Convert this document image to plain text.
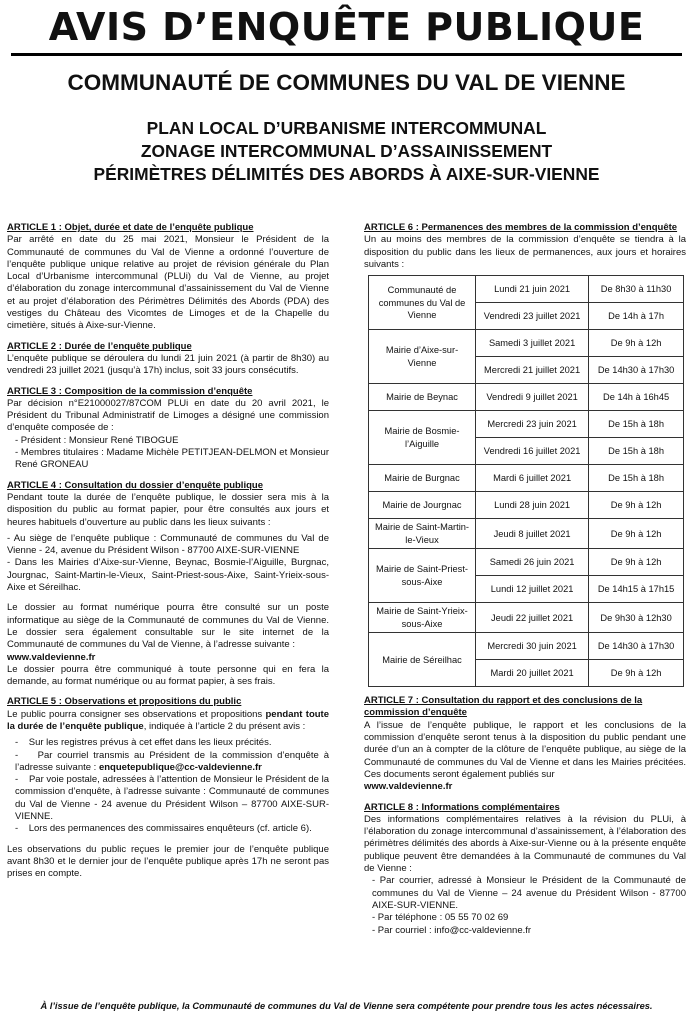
AVIS D’ENQUÊTE PUBLIQUE
COMMUNAUTÉ DE COMMUNES DU VAL DE VIENNE
PLAN LOCAL D’URBANISME INTERCOMMUNAL
ZONAGE INTERCOMMUNAL D’ASSAINISSEMENT
PÉRIMÈTRES DÉLIMITÉS DES ABORDS À AIXE-SUR-VIENNE

ARTICLE 1 : Objet, durée et date de l’enquête publique

Par arrêté en date du 25 mai 2021, Monsieur le Président de la Communauté de communes du Val de Vienne a ordonné l’ouverture de l’enquête publique unique relative au projet de révision générale du Plan Local d’Urbanisme intercommunal (PLUi) du Val de Vienne, au projet d’élaboration du zonage intercommunal d’assainissement du Val de Vienne et au projet d’élaboration des Périmètres Délimités des Abords (PDA) des vestiges du Château des Vicomtes de Limoges et de la Chapelle du cimetière, situés à Aixe-sur-Vienne.

ARTICLE 2 : Durée de l’enquête publique

L’enquête publique se déroulera du lundi 21 juin 2021 (à partir de 8h30) au vendredi 23 juillet 2021 (jusqu’à 17h) inclus, soit 33 jours consécutifs.

ARTICLE 3 : Composition de la commission d’enquête

Par décision n°E21000027/87COM PLUi en date du 20 avril 2021, le Président du Tribunal Administratif de Limoges a désigné une commission d’enquête composée de :

- Président : Monsieur René TIBOGUE
- Membres titulaires : Madame Michèle PETITJEAN-DELMON et Monsieur René GRONEAU

ARTICLE 4 : Consultation du dossier d’enquête publique

Pendant toute la durée de l’enquête publique, le dossier sera mis à la disposition du public au format papier, pour être consultés aux jours et heures habituels d’ouverture au public dans les lieux suivants :

- Au siège de l’enquête publique : Communauté de communes du Val de Vienne - 24, avenue du Président Wilson - 87700 AIXE-SUR-VIENNE

- Dans les Mairies d’Aixe-sur-Vienne, Beynac, Bosmie-l’Aiguille, Burgnac, Jourgnac, Saint-Martin-le-Vieux, Saint-Priest-sous-Aixe, Saint-Yrieix-sous-Aixe et Séreilhac.

Le dossier au format numérique pourra être consulté sur un poste informatique au siège de la Communauté de communes du Val de Vienne. Le dossier sera également consultable sur le site internet de la Communauté de communes du Val de Vienne, à l’adresse suivante :

www.valdevienne.fr

Le dossier pourra être communiqué à toute personne qui en fera la demande, au format numérique ou au format papier, à ses frais.

ARTICLE 5 : Observations et propositions du public

Le public pourra consigner ses observations et propositions pendant toute la durée de l’enquête publique, indiquée à l’article 2 du présent avis :

-    Sur les registres prévus à cet effet dans les lieux précités.
-    Par courriel transmis au Président de la commission d’enquête à l’adresse suivante : enquetepublique@cc-valdevienne.fr
-    Par voie postale, adressées à l’attention de Monsieur le Président de la commission d’enquête, à l’adresse suivante : Communauté de communes du Val de Vienne - 24 avenue du Président Wilson – 87700 AIXE-SUR-VIENNE.
-    Lors des permanences des commissaires enquêteurs (cf. article 6).

Les observations du public reçues le premier jour de l’enquête publique avant 8h30 et le dernier jour de l’enquête publique après 17h ne seront pas prises en compte.

ARTICLE 6 : Permanences des membres de la commission d’enquête

Un au moins des membres de la commission d’enquête se tiendra à la disposition du public dans les lieux de permanences, aux jours et horaires suivants :

Communauté de communes du Val de Vienne	Lundi 21 juin 2021	De 8h30 à 11h30
	Vendredi 23 juillet 2021	De 14h à 17h
Mairie d’Aixe-sur-Vienne	Samedi 3 juillet 2021	De 9h à 12h
	Mercredi 21 juillet 2021	De 14h30 à 17h30
Mairie de Beynac	Vendredi 9 juillet 2021	De 14h à 16h45
Mairie de Bosmie-l’Aiguille	Mercredi 23 juin 2021	De 15h à 18h
	Vendredi 16 juillet 2021	De 15h à 18h
Mairie de Burgnac	Mardi 6 juillet 2021	De 15h à 18h
Mairie de Jourgnac	Lundi 28 juin 2021	De 9h à 12h
Mairie de Saint-Martin-le-Vieux	Jeudi 8 juillet 2021	De 9h à 12h
Mairie de Saint-Priest-sous-Aixe	Samedi 26 juin 2021	De 9h à 12h
	Lundi 12 juillet 2021	De 14h15 à 17h15
Mairie de Saint-Yrieix-sous-Aixe	Jeudi 22 juillet 2021	De 9h30 à 12h30
Mairie de Séreilhac	Mercredi 30 juin 2021	De 14h30 à 17h30
	Mardi 20 juillet 2021	De 9h à 12h

ARTICLE 7 : Consultation du rapport et des conclusions de la commission d’enquête

A l’issue de l’enquête publique, le rapport et les conclusions de la commission d’enquête seront tenus à la disposition du public pendant une durée d’un an à compter de la clôture de l’enquête publique, au siège de la Communauté de communes du Val de Vienne et dans les Mairies précitées. Ces documents seront également publiés sur

www.valdevienne.fr

ARTICLE 8 : Informations complémentaires

Des informations complémentaires relatives à la révision du PLUi, à l’élaboration du zonage intercommunal d’assainissement, à l’élaboration des périmètres délimités des abords à Aixe-sur-Vienne ou à la présente enquête publique peuvent être demandées à la Communauté de communes du Val de Vienne :

- Par courrier, adressé à Monsieur le Président de la Communauté de communes du Val de Vienne – 24 avenue du Président Wilson - 87700 AIXE-SUR-VIENNE.
- Par téléphone : 05 55 70 02 69
- Par courriel : info@cc-valdevienne.fr
À l’issue de l’enquête publique, la Communauté de communes du Val de Vienne sera compétente pour prendre tous les actes nécessaires.
